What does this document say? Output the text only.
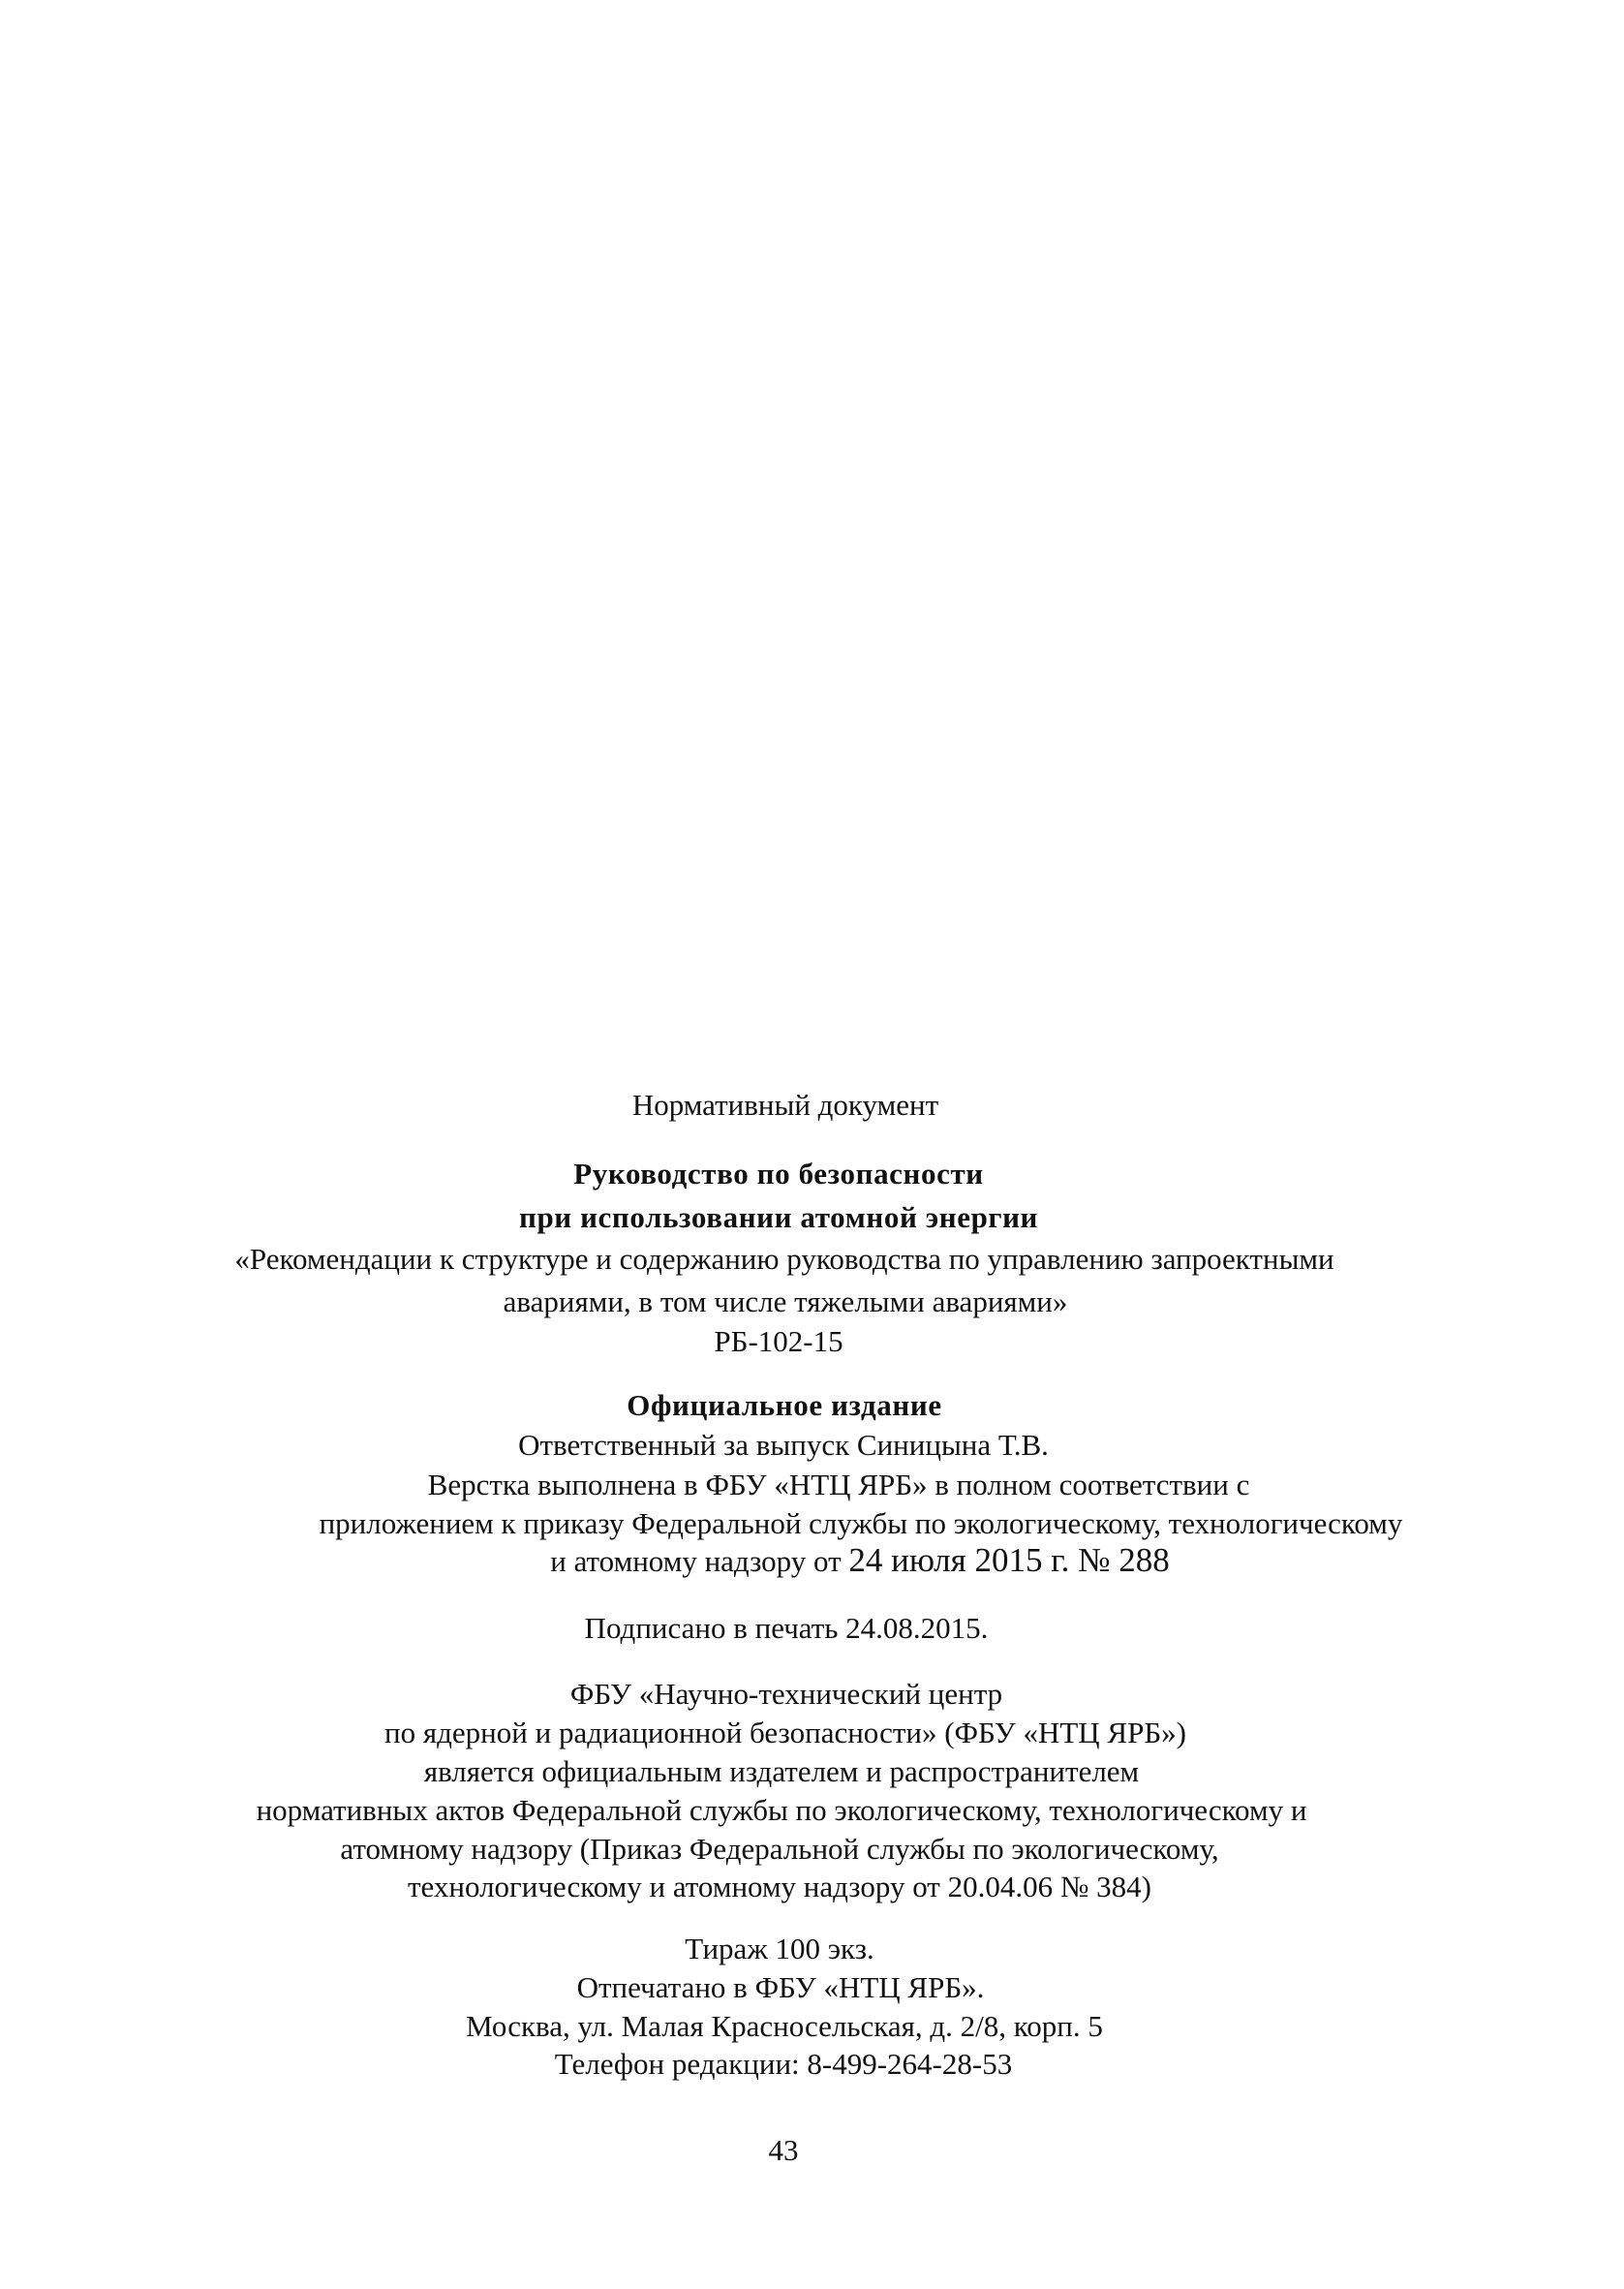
Нормативный документ
Руководство по безопасности
при использовании атомной энергии
«Рекомендации к структуре и содержанию руководства по управлению запроектными
авариями, в том числе тяжелыми авариями»
РБ-102-15
Официальное издание
Ответственный за выпуск Синицына Т.В.
Верстка выполнена в ФБУ «НТЦ ЯРБ» в полном соответствии с
приложением к приказу Федеральной службы по экологическому, технологическому
и атомному надзору от 24 июля 2015 г. № 288
Подписано в печать 24.08.2015.
ФБУ «Научно-технический центр
по ядерной и радиационной безопасности» (ФБУ «НТЦ ЯРБ»)
является официальным издателем и распространителем
нормативных актов Федеральной службы по экологическому, технологическому и
атомному надзору (Приказ Федеральной службы по экологическому,
технологическому и атомному надзору от 20.04.06 № 384)
Тираж 100 экз.
Отпечатано в ФБУ «НТЦ ЯРБ».
Москва, ул. Малая Красносельская, д. 2/8, корп. 5
Телефон редакции: 8-499-264-28-53
43
